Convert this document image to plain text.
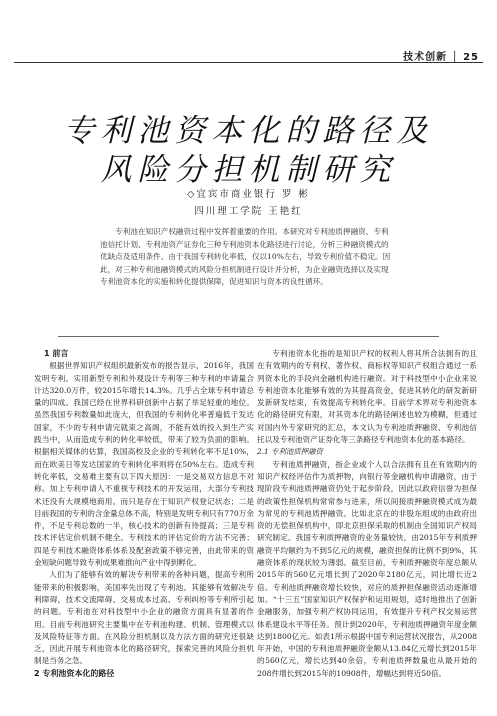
技术创新 │ 25
专利池资本化的路径及
风险分担机制研究
◇宜宾市商业银行 罗 彬
四川理工学院 王艳红
专利池在知识产权融资过程中发挥着重要的作用。本研究对专利池质押融资、专利池信托计划、专利池资产证券化三种专利池资本化路径进行讨论，分析三种融资模式的优缺点及适用条件。由于我国专利转化率低，仅以10%左右，导致专利价值不稳定。因此，对三种专利池融资模式的风险分担机制进行设计并分析，为企业融资选择以及实现专利池资本化的实施和转化提供保障，促进知识与资本的良性循环。
1 前言

根据世界知识产权组织最新发布的报告显示，2016年，我国发明专利、实用新型专利和外观设计专利等三种专利的申请量合计达320.0万件，较2015年增长14.3%。几乎占全球专利申请总量的四成。我国已经在世界科研创新中占据了举足轻重的地位。虽然我国专利数量如此庞大，但我国的专利转化率普遍低于发达国家，不少的专利申请完就束之高阁，不能有效的投入到生产实践当中，从而造成专利的转化率较低，带来了较为负面的影响。根据相关媒体的估算，我国高校及企业的专利转化率不足10%，而在欧美日等发达国家的专利转化率则将在50%左右。造成专利转化率低，交易难主要有以下四大原因：一是交易双方信息不对称。加上专利申请人不重视专利技术的开发运用，大部分专利技术还没有大规模地商用。而只是存在于知识产权登记状态；二是目前我国的专利的含金量总体不高，特别是发明专利只有770万余件，不足专利总数的一半，核心技术的创新有待提高；三是专利技术评估定价机制不健全。专利技术的评估定价的方法不完善；四是专利技术融资体系体系及配套政策不够完善，由此带来的资金短缺问题导致专利成果难推向产业中得到孵化。

人们为了能够有效的解决专利带来的各种问题，提高专利所能带来的积极影响，美国率先出现了专利池。其能够有效解决专利障碍，技术交流障碍、交易成本过高、专利纠纷等专利所引起的问题。专利池在对科技型中小企业的融资方面具有显著的作用。目前专利池研究主要集中在专利池构建、机制、管理模式以及风险特征等方面。在风险分担机制以及方法方面的研究还很缺乏，因此开展专利池资本化的路径研究，探索完善的风险分担机制是当务之急。

2 专利池资本化的路径

专利池资本化指的是知识产权的权利人将其所合法拥有的且在有效期内的专利权、著作权、商标权等知识产权组合通过一系列资本化的手段向金融机构进行融资。对于科技型中小企业来说专利池资本化能够有效的为其提高资金，促进其转化的研发新研发新研发结束，有效提高专利转化率。目前学术界对专利池资本化的路径研究有限，对其资本化的路径阐述也较为模糊，但通过对国内外专家研究的汇总，本文认为专利池质押融资、专利池信托以及专利池资产证券化等三条路径专利池资本化的基本路径。

2.1 专利池质押融资

专利池质押融资，指企业或个人以合法拥有且在有效期内的知识产权经评估作为质押物，向银行等金融机构申请融资，由于现阶段专利池质押融资仍处于起步阶段，因此以政府信誉为担保的政策性担保机构常常参与进来，所以间接质押融资模式成为最为常见的专利池质押融资。比如北京在的非股东组成的由政府出资的无偿担保机构中，即北京担保采取的机制由全国知识产权局研究制定。我国专利质押融资的业务量较快，由2015年专利质押融资平均额约为不到5亿元的规模，融资担保的比例不到9%，其融资体系的现状较为薄弱。截至目前，专利质押融资年度总额从2015年的560亿元增长到了2020年2180亿元，同比增长近2倍。专利池质押融资增长较快，对应的质押担保融资活动逐渐增加。“十三五”国家知识产权保护和运用规划，适时地推出了创新金融服务，加强专利产权协同运用，有效提升专利产权交易运营体系建设水平等任务。预计到2020年，专利池质押融资年度金额达到1800亿元。如表1所示根据中国专利运营状况报告，从2008年开始，中国的专利池质押融资金额从13.84亿元增长到2015年的560亿元，增长达到40余倍，专利池质押数量也从最开始的208件增长到2015年的10908件，增幅达到将近50倍。
